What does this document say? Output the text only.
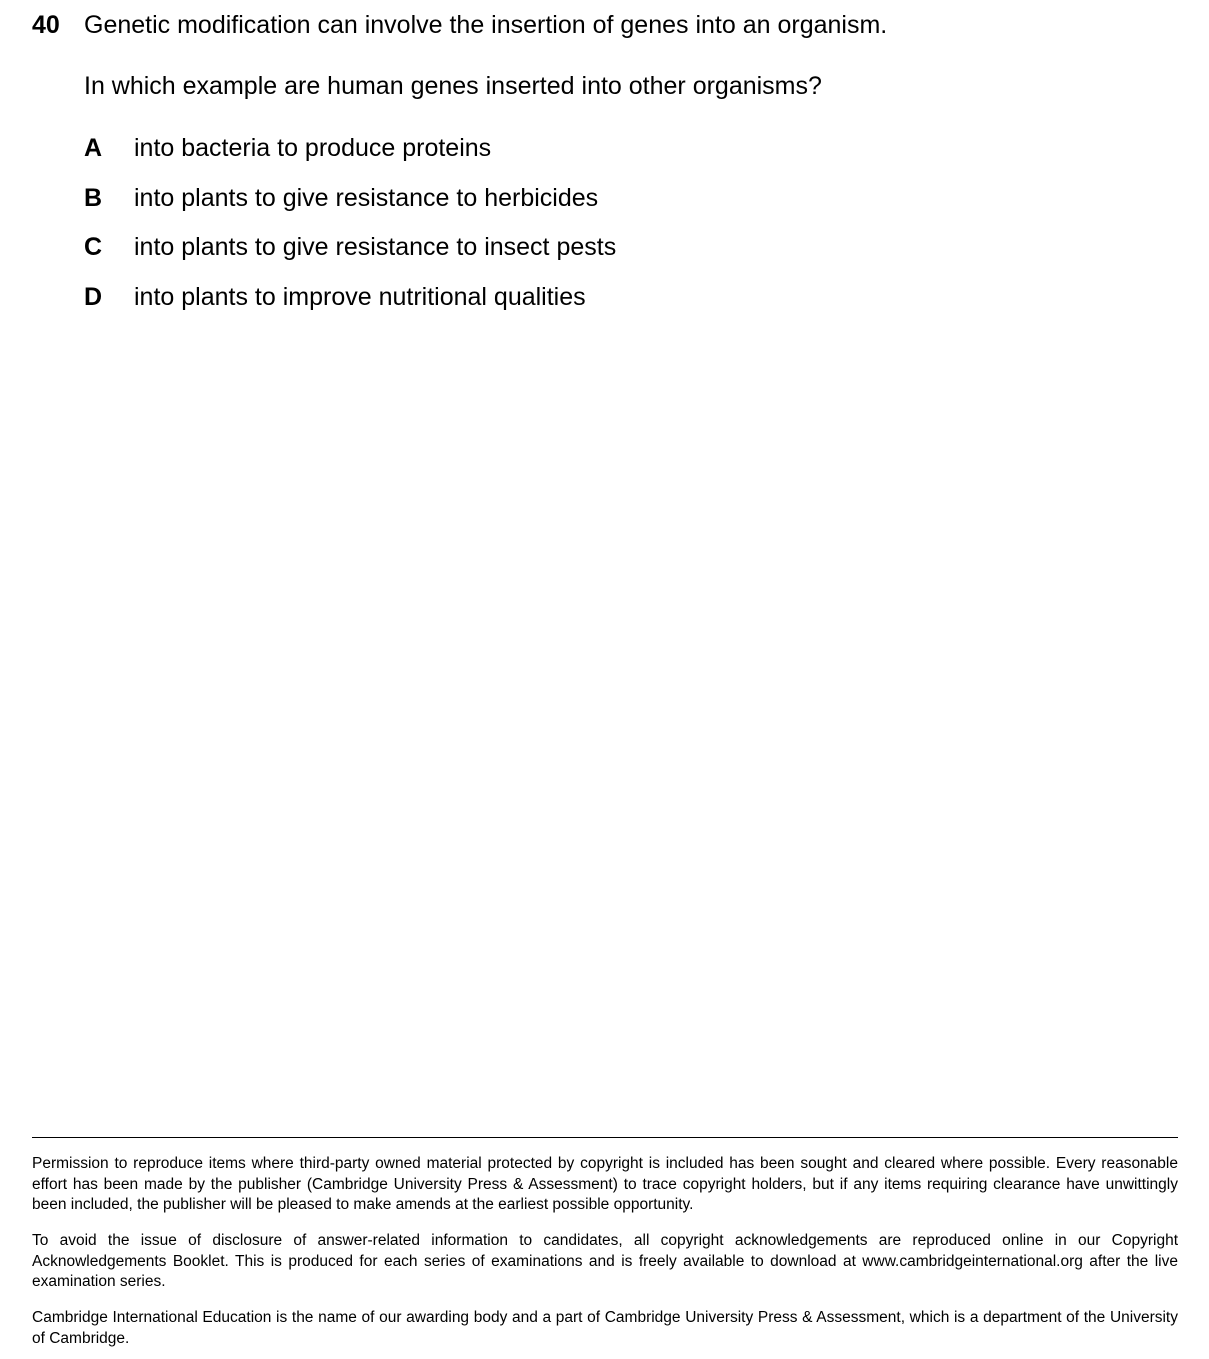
40 Genetic modification can involve the insertion of genes into an organism.
In which example are human genes inserted into other organisms?
A into bacteria to produce proteins
B into plants to give resistance to herbicides
C into plants to give resistance to insect pests
D into plants to improve nutritional qualities
Permission to reproduce items where third-party owned material protected by copyright is included has been sought and cleared where possible. Every reasonable effort has been made by the publisher (Cambridge University Press & Assessment) to trace copyright holders, but if any items requiring clearance have unwittingly been included, the publisher will be pleased to make amends at the earliest possible opportunity.
To avoid the issue of disclosure of answer-related information to candidates, all copyright acknowledgements are reproduced online in our Copyright Acknowledgements Booklet. This is produced for each series of examinations and is freely available to download at www.cambridgeinternational.org after the live examination series.
Cambridge International Education is the name of our awarding body and a part of Cambridge University Press & Assessment, which is a department of the University of Cambridge.
